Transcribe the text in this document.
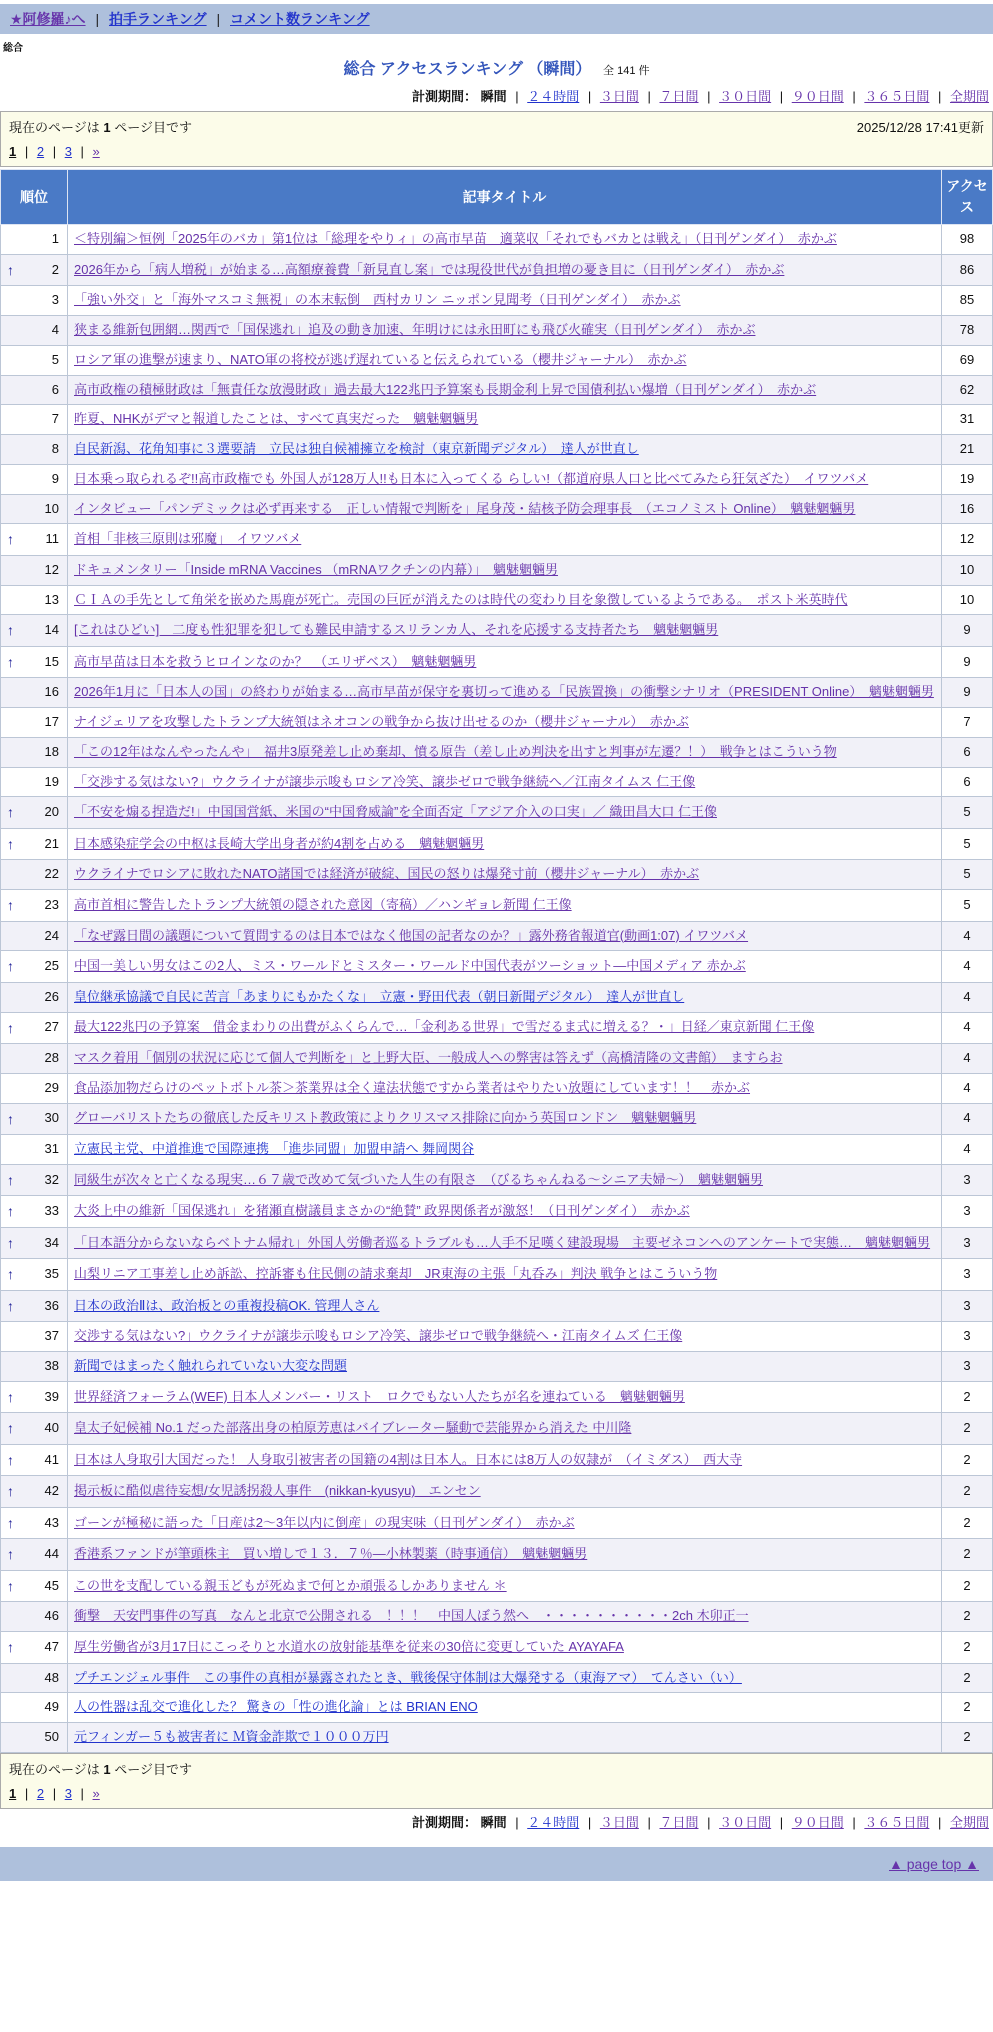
★阿修羅♪へ | 拍手ランキング | コメント数ランキング
総合
総合 アクセスランキング （瞬間） 全 141 件
計測期間： 瞬間 | ２４時間 | ３日間 | ７日間 | ３０日間 | ９０日間 | ３６５日間 | 全期間
現在のページは 1 ページ目です	2025/12/28 17:41更新
1 | 2 | 3 | »
順位	記事タイトル	アクセス

1	＜特別編＞恒例「2025年のバカ」第1位は「総理をやりィ」の高市早苗　適菜収「それでもバカとは戦え」（日刊ゲンダイ）　赤かぶ	98

↑ 2	2026年から「病人増税」が始まる…高額療養費「新見直し案」では現役世代が負担増の憂き目に（日刊ゲンダイ）　赤かぶ	86

3	「強い外交」と「海外マスコミ無視」の本末転倒　西村カリン ニッポン見聞考（日刊ゲンダイ）　赤かぶ	85

4	狭まる維新包囲網…関西で「国保逃れ」追及の動き加速、年明けには永田町にも飛び火確実（日刊ゲンダイ）　赤かぶ	78

5	ロシア軍の進撃が速まり、NATO軍の将校が逃げ遅れていると伝えられている（櫻井ジャーナル）　赤かぶ	69

6	高市政権の積極財政は「無責任な放漫財政」過去最大122兆円予算案も長期金利上昇で国債利払い爆増（日刊ゲンダイ）　赤かぶ	62

7	昨夏、NHKがデマと報道したことは、すべて真実だった　魑魅魍魎男	31

8	自民新潟、花角知事に３選要請　立民は独自候補擁立を検討（東京新聞デジタル）　達人が世直し	21

9	日本乗っ取られるぞ!!高市政権でも 外国人が128万人!!も日本に入ってくる らしい!（都道府県人口と比べてみたら狂気ざた）　イワツバメ	19

10	インタビュー「パンデミックは必ず再来する　正しい情報で判断を」尾身茂・結核予防会理事長　（エコノミスト Online）　魑魅魍魎男	16

↑ 11	首相「非核三原則は邪魔」　イワツバメ	12

12	ドキュメンタリー「Inside mRNA Vaccines （mRNAワクチンの内幕）」　魑魅魍魎男	10

13	ＣＩＡの手先として角栄を嵌めた馬鹿が死亡。売国の巨匠が消えたのは時代の変わり目を象徴しているようである。　ポスト米英時代	10

↑ 14	[これはひどい]　二度も性犯罪を犯しても難民申請するスリランカ人、それを応援する支持者たち　魑魅魍魎男	9

↑ 15	高市早苗は日本を救うヒロインなのか？　（エリザベス）　魑魅魍魎男	9

16	2026年1月に「日本人の国」の終わりが始まる…高市早苗が保守を裏切って進める「民族置換」の衝撃シナリオ（PRESIDENT Online）　魑魅魍魎男	9

17	ナイジェリアを攻撃したトランプ大統領はネオコンの戦争から抜け出せるのか（櫻井ジャーナル）　赤かぶ	7

18	「この12年はなんやったんや」　福井3原発差し止め棄却、憤る原告（差し止め判決を出すと判事が左遷？！）　戦争とはこういう物	6

19	「交渉する気はない?」ウクライナが譲歩示唆もロシア冷笑、譲歩ゼロで戦争継続へ／江南タイムス 仁王像	6

↑ 20	「不安を煽る捏造だ!」中国国営紙、米国の“中国脅威論”を全面否定「アジア介入の口実」／ 織田昌大口 仁王像	5

↑ 21	日本感染症学会の中枢は長崎大学出身者が約4割を占める　魑魅魍魎男	5

22	ウクライナでロシアに敗れたNATO諸国では経済が破綻、国民の怒りは爆発寸前（櫻井ジャーナル）　赤かぶ	5

↑ 23	高市首相に警告したトランプ大統領の隠された意図（寄稿）／ハンギョレ新聞 仁王像	5

24	「なぜ露日間の議題について質問するのは日本ではなく他国の記者なのか？」露外務省報道官(動画1:07) イワツバメ	4

↑ 25	中国一美しい男女はこの2人、ミス・ワールドとミスター・ワールド中国代表がツーショット―中国メディア 赤かぶ	4

26	皇位継承協議で自民に苦言「あまりにもかたくな」　立憲・野田代表（朝日新聞デジタル）　達人が世直し	4

↑ 27	最大122兆円の予算案　借金まわりの出費がふくらんで…「金利ある世界」で雪だるま式に増える？・」日経／東京新聞 仁王像	4

28	マスク着用「個別の状況に応じて個人で判断を」と上野大臣、一般成人への弊害は答えず（高橋清隆の文書館）　ますらお	4

29	食品添加物だらけのペットボトル茶＞茶業界は全く違法状態ですから業者はやりたい放題にしています！！　赤かぶ	4

↑ 30	グローバリストたちの徹底した反キリスト教政策によりクリスマス排除に向かう英国ロンドン　魑魅魍魎男	4

31	立憲民主党、中道推進で国際連携　「進歩同盟」加盟申請へ 舞岡関谷	4

↑ 32	同級生が次々と亡くなる現実…６７歳で改めて気づいた人生の有限さ　（びるちゃんねる～シニア夫婦～）　魑魅魍魎男	3

↑ 33	大炎上中の維新「国保逃れ」を猪瀬直樹議員まさかの“絶賛” 政界関係者が激怒！（日刊ゲンダイ）　赤かぶ	3

↑ 34	「日本語分からないならベトナム帰れ」外国人労働者巡るトラブルも…人手不足嘆く建設現場　主要ゼネコンへのアンケートで実態…　魑魅魍魎男	3

↑ 35	山梨リニア工事差し止め訴訟、控訴審も住民側の請求棄却　JR東海の主張「丸呑み」判決 戦争とはこういう物	3

↑ 36	日本の政治Ⅱは、政治板との重複投稿OK. 管理人さん	3

37	交渉する気はない?」ウクライナが譲歩示唆もロシア冷笑、譲歩ゼロで戦争継続へ・江南タイムズ 仁王像	3

38	新聞ではまったく触れられていない大変な問題	3

↑ 39	世界経済フォーラム(WEF) 日本人メンバー・リスト　ロクでもない人たちが名を連ねている　魑魅魍魎男	2

↑ 40	皇太子妃候補 No.1 だった部落出身の柏原芳恵はバイブレーター騒動で芸能界から消えた 中川隆	2

↑ 41	日本は人身取引大国だった！ 人身取引被害者の国籍の4割は日本人。日本には8万人の奴隷が　（イミダス）　西大寺	2

↑ 42	掲示板に酷似虐待妄想/女児誘拐殺人事件　(nikkan-kyusyu)　エンセン	2

↑ 43	ゴーンが極秘に語った「日産は2～3年以内に倒産」の現実味（日刊ゲンダイ）　赤かぶ	2

↑ 44	香港系ファンドが筆頭株主　買い増しで１３．７％―小林製薬（時事通信）　魑魅魍魎男	2

↑ 45	この世を支配している親玉どもが死ぬまで何とか頑張るしかありません ＊	2

46	衝撃　天安門事件の写真　なんと北京で公開される　！！！　中国人ぼう然へ　・・・・・・・・・・2ch 木卯正一	2

↑ 47	厚生労働省が3月17日にこっそりと水道水の放射能基準を従来の30倍に変更していた AYAYAFA	2

48	プチエンジェル事件　この事件の真相が暴露されたとき、戦後保守体制は大爆発する（東海アマ）　てんさい（い）	2

49	人の性器は乱交で進化した？ 驚きの「性の進化論」とは BRIAN ENO	2

50	元フィンガー５も被害者に Ｍ資金詐欺で１０００万円	2
現在のページは 1 ページ目です
1 | 2 | 3 | »
計測期間： 瞬間 | ２４時間 | ３日間 | ７日間 | ３０日間 | ９０日間 | ３６５日間 | 全期間
▲ page top ▲
